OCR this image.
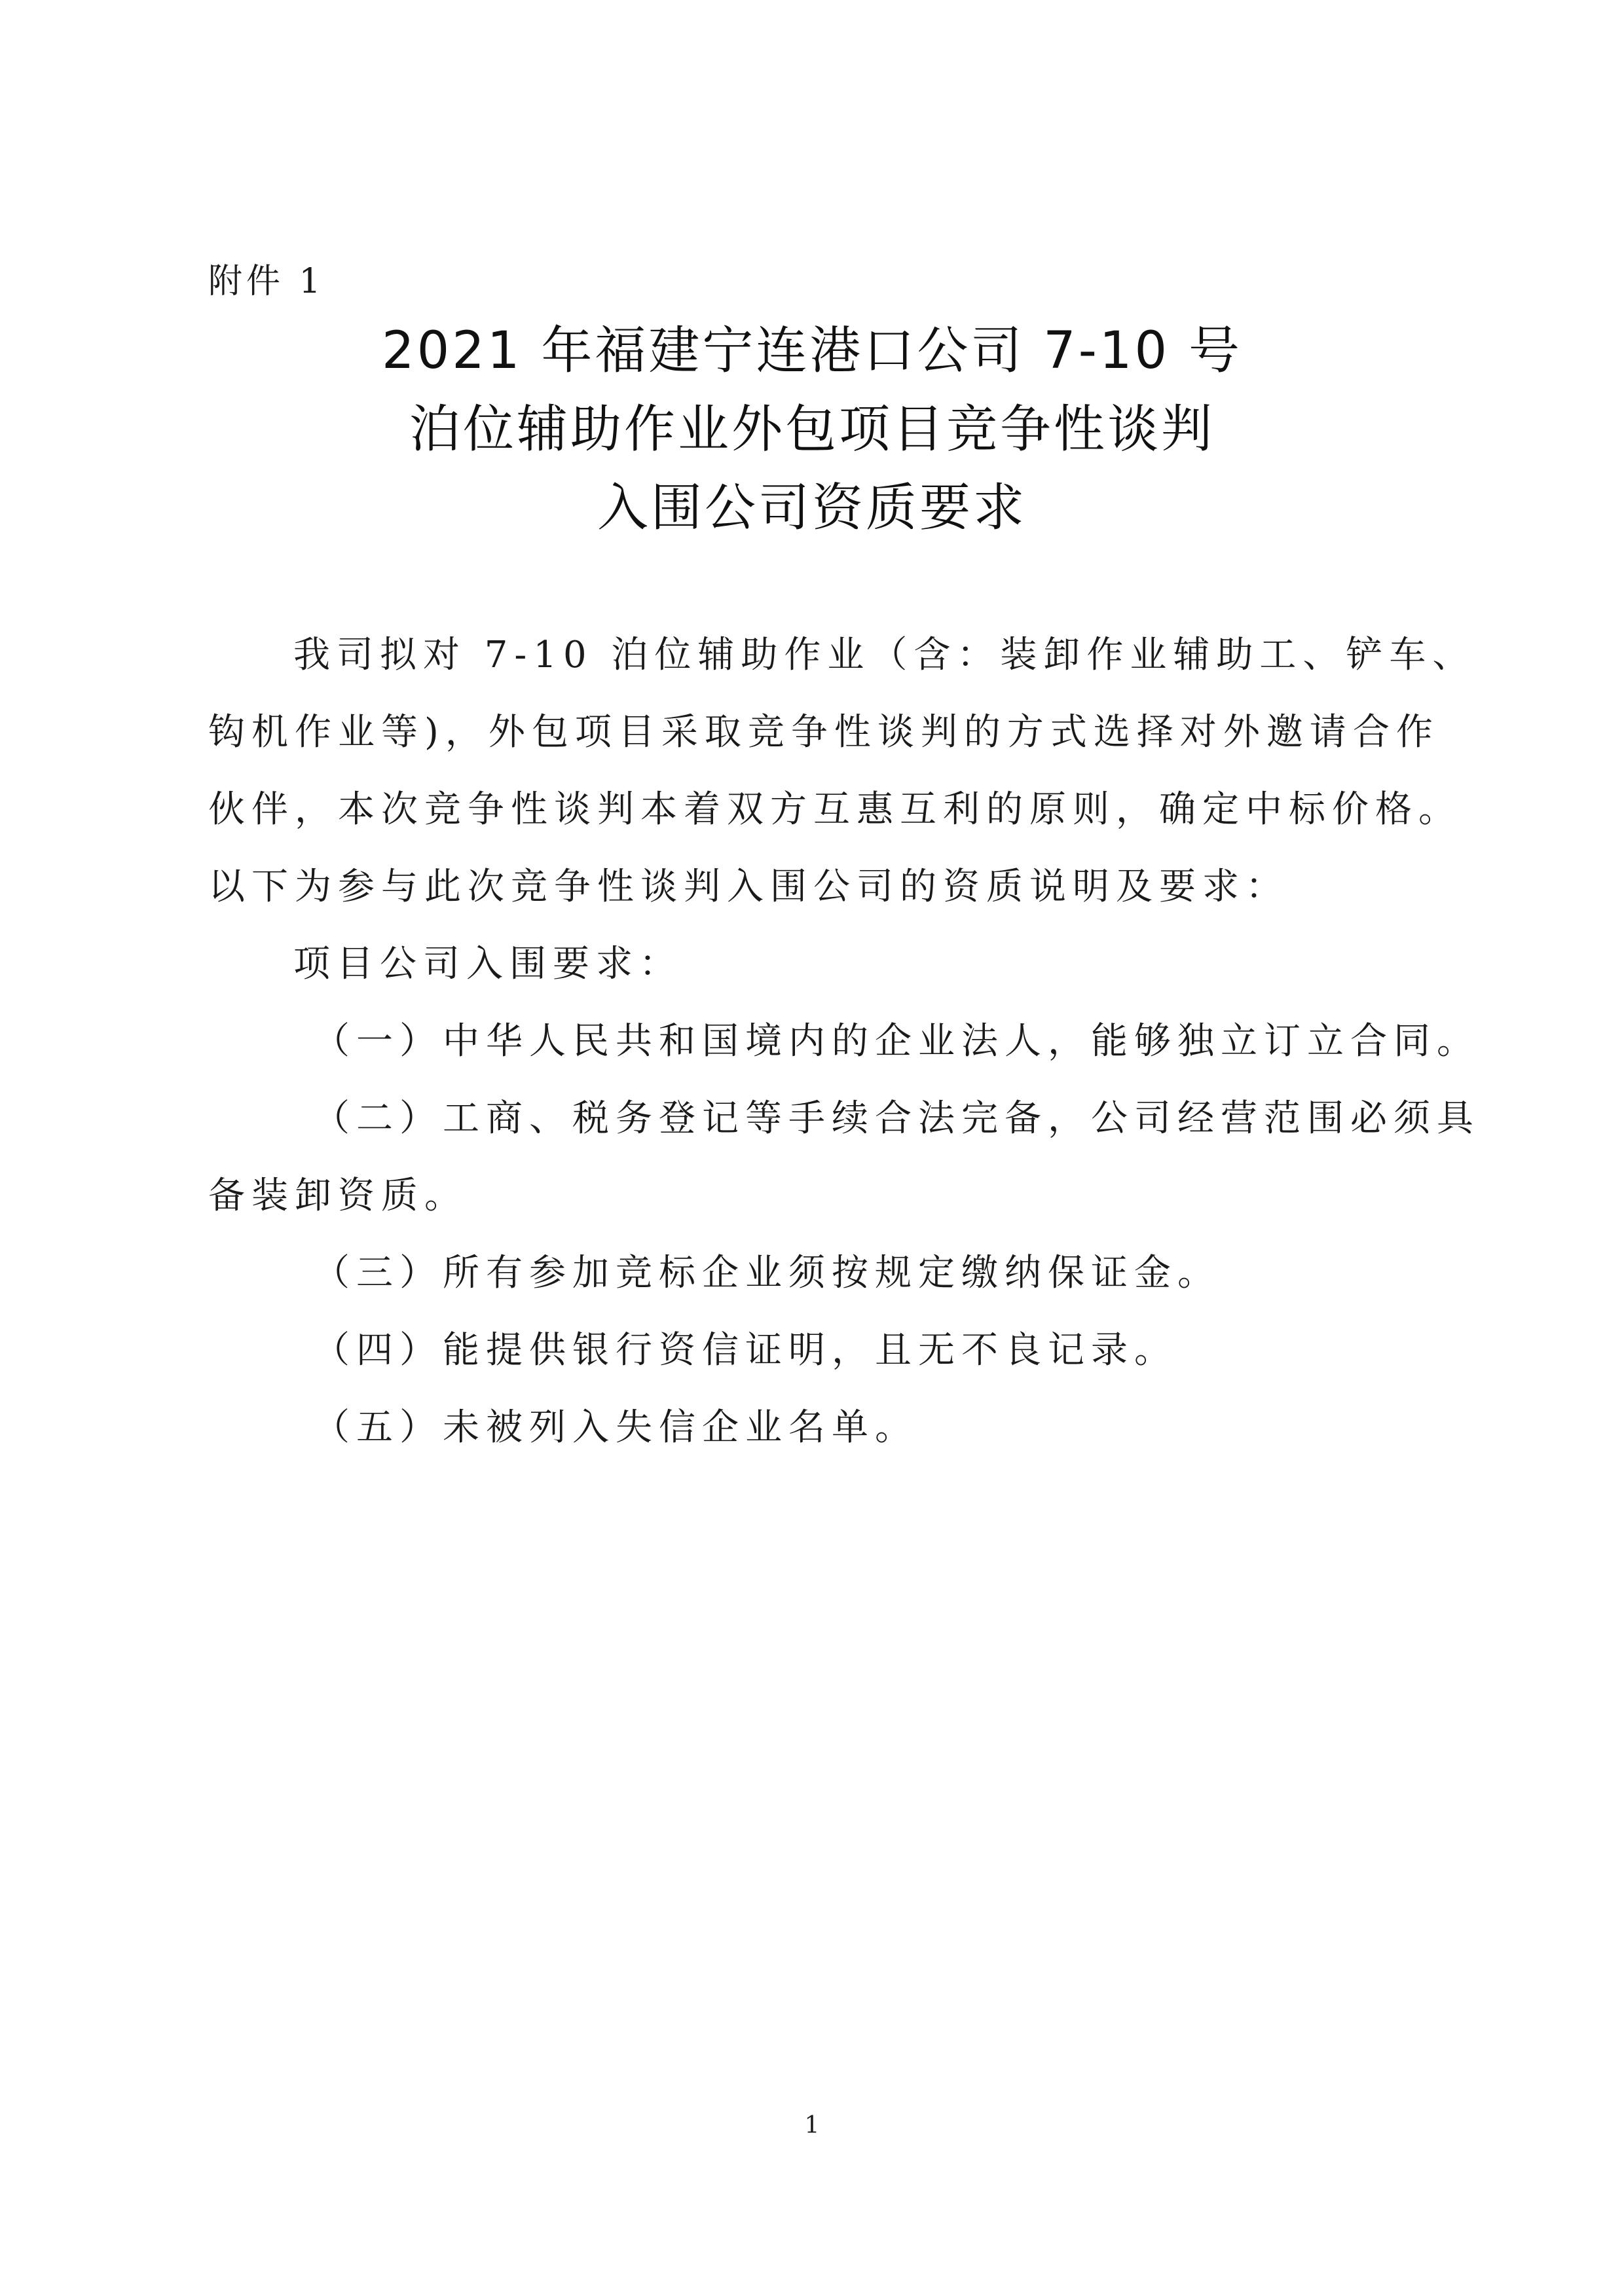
附件 1
2021 年福建宁连港口公司 7-10 号
泊位辅助作业外包项目竞争性谈判
入围公司资质要求
我司拟对 7-10 泊位辅助作业（含：装卸作业辅助工、铲车、
钩机作业等)，外包项目采取竞争性谈判的方式选择对外邀请合作
伙伴，本次竞争性谈判本着双方互惠互利的原则，确定中标价格。
以下为参与此次竞争性谈判入围公司的资质说明及要求：
项目公司入围要求：
（一）中华人民共和国境内的企业法人，能够独立订立合同。
（二）工商、税务登记等手续合法完备，公司经营范围必须具
备装卸资质。
（三）所有参加竞标企业须按规定缴纳保证金。
（四）能提供银行资信证明，且无不良记录。
（五）未被列入失信企业名单。
1
